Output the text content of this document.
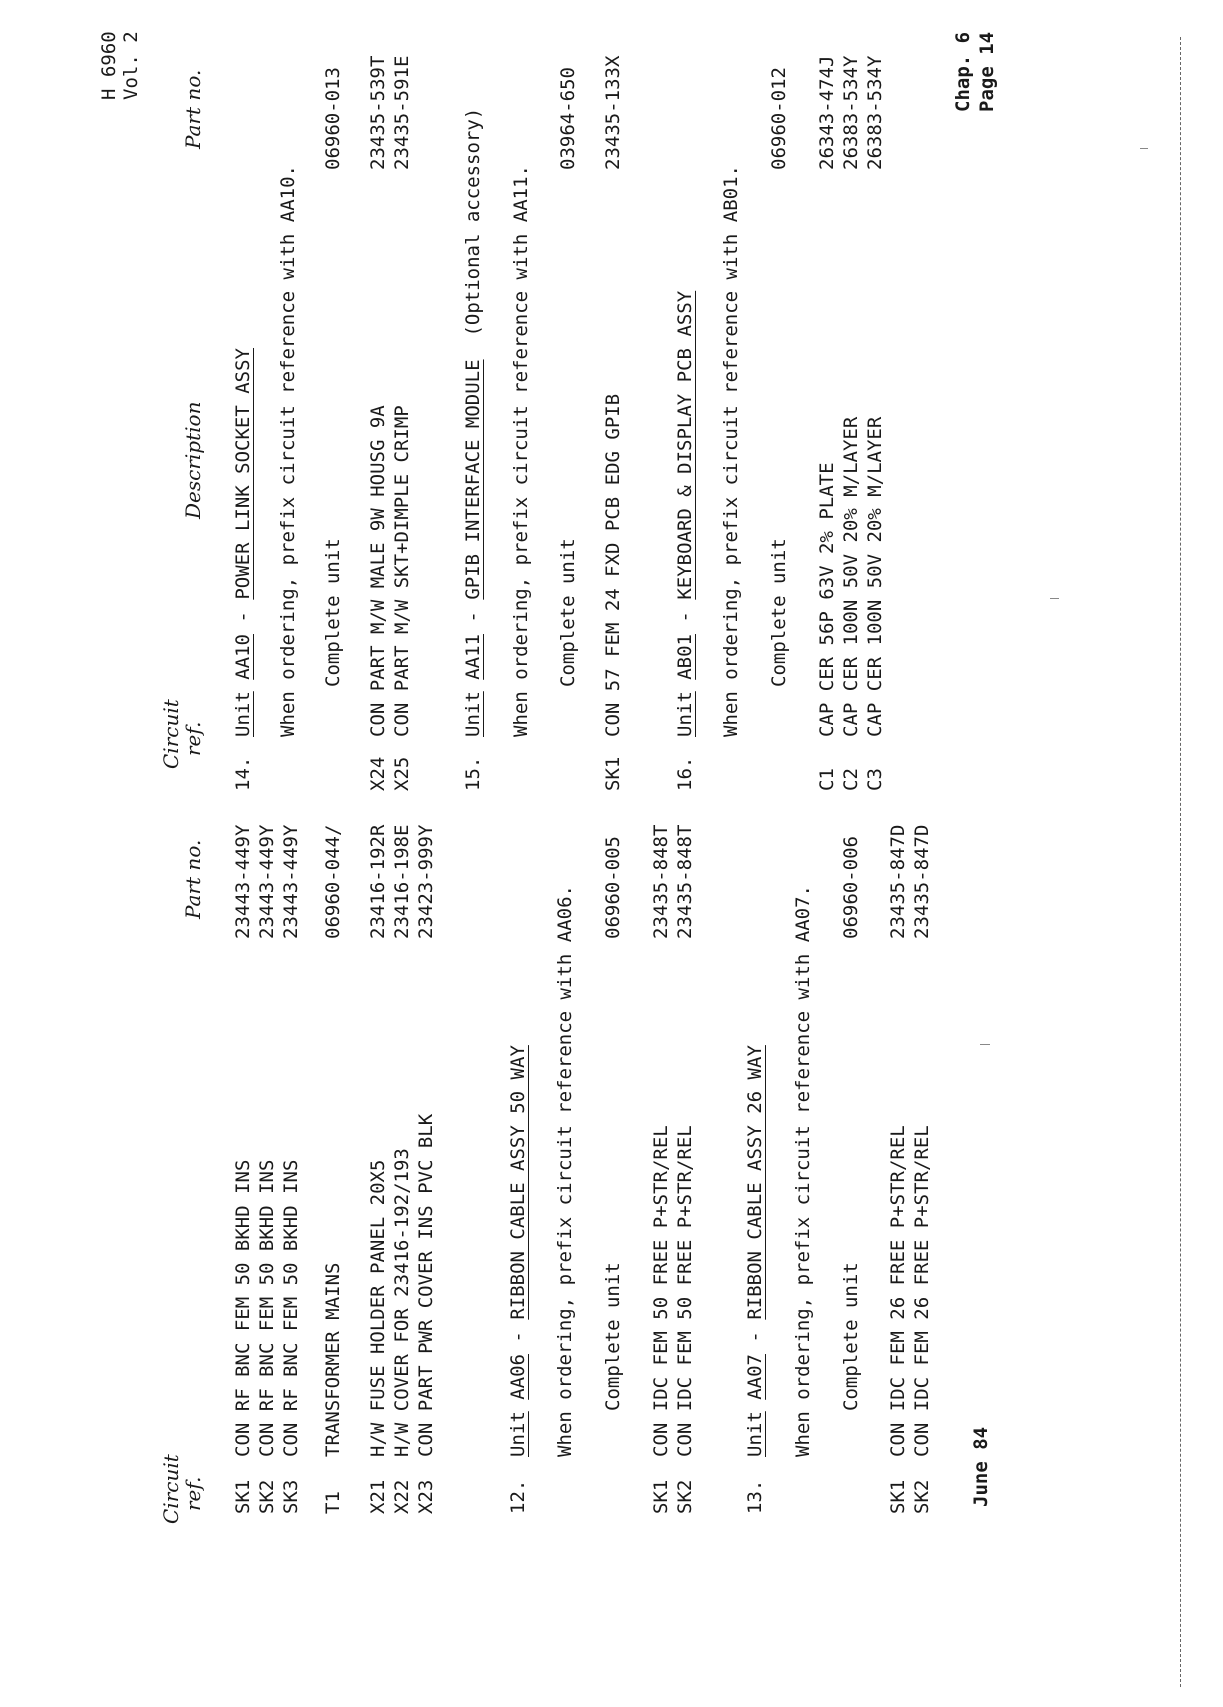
H 6960 Vol. 2
Circuit
ref.
Description
Part no.
SK1 SK2 SK3
CON RF BNC FEM 50 BKHD INS CON RF BNC FEM 50 BKHD INS CON RF BNC FEM 50 BKHD INS
23443-449Y 23443-449Y 23443-449Y
T1
TRANSFORMER MAINS
06960-044/
X21 X22 X23
H/W FUSE HOLDER PANEL 20X5 H/W COVER FOR 23416-192/193 CON PART PWR COVER INS PVC BLK
23416-192R 23416-198E 23423-999Y
12.
Unit AA06 - RIBBON CABLE ASSY 50 WAY When ordering, prefix circuit reference with AA06. Complete unit
06960-005
SK1 SK2
CON IDC FEM 50 FREE P+STR/REL CON IDC FEM 50 FREE P+STR/REL
23435-848T 23435-848T
13.
Unit AA07 - RIBBON CABLE ASSY 26 WAY When ordering, prefix circuit reference with AA07. Complete unit
06960-006
SK1 SK2
CON IDC FEM 26 FREE P+STR/REL CON IDC FEM 26 FREE P+STR/REL
23435-847D 23435-847D
June 84
Circuit
ref.
Part no.
14.
Unit AA10 - POWER LINK SOCKET ASSY When ordering, prefix circuit reference with AA10. Complete unit
06960-013
X24 X25
CON PART M/W MALE 9W HOUSG 9A CON PART M/W SKT+DIMPLE CRIMP
23435-539T 23435-591E
15.
Unit AA11 - GPIB INTERFACE MODULE  (Optional accessory) When ordering, prefix circuit reference with AA11. Complete unit
03964-650
SK1
CON 57 FEM 24 FXD PCB EDG GPIB
23435-133X
16.
Unit AB01 - KEYBOARD & DISPLAY PCB ASSY When ordering, prefix circuit reference with AB01. Complete unit
06960-012
C1 C2 C3
CAP CER 56P 63V 2% PLATE CAP CER 100N 50V 20% M/LAYER CAP CER 100N 50V 20% M/LAYER
26343-474J 26383-534Y 26383-534Y	Chap. 6 Page 14
